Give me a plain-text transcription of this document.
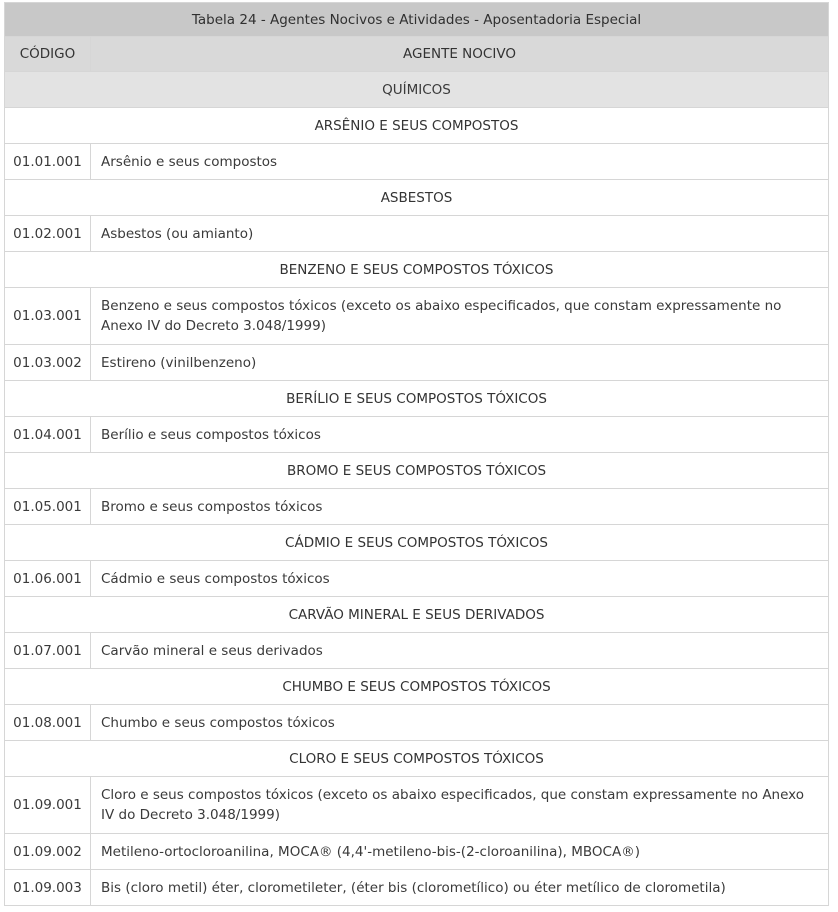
Tabela 24 - Agentes Nocivos e Atividades - Aposentadoria Especial	
CÓDIGO	AGENTE NOCIVO
QUÍMICOS	
ARSÊNIO E SEUS COMPOSTOS	
01.01.001	Arsênio e seus compostos
ASBESTOS	
01.02.001	Asbestos (ou amianto)
BENZENO E SEUS COMPOSTOS TÓXICOS	
01.03.001	Benzeno e seus compostos tóxicos (exceto os abaixo especificados, que constam expressamente no Anexo IV do Decreto 3.048/1999)
01.03.002	Estireno (vinilbenzeno)
BERÍLIO E SEUS COMPOSTOS TÓXICOS	
01.04.001	Berílio e seus compostos tóxicos
BROMO E SEUS COMPOSTOS TÓXICOS	
01.05.001	Bromo e seus compostos tóxicos
CÁDMIO E SEUS COMPOSTOS TÓXICOS	
01.06.001	Cádmio e seus compostos tóxicos
CARVÃO MINERAL E SEUS DERIVADOS	
01.07.001	Carvão mineral e seus derivados
CHUMBO E SEUS COMPOSTOS TÓXICOS	
01.08.001	Chumbo e seus compostos tóxicos
CLORO E SEUS COMPOSTOS TÓXICOS	
01.09.001	Cloro e seus compostos tóxicos (exceto os abaixo especificados, que constam expressamente no Anexo IV do Decreto 3.048/1999)
01.09.002	Metileno-ortocloroanilina, MOCA® (4,4'-metileno-bis-(2-cloroanilina), MBOCA®)
01.09.003	Bis (cloro metil) éter, clorometileter, (éter bis (clorometílico) ou éter metílico de clorometila)
